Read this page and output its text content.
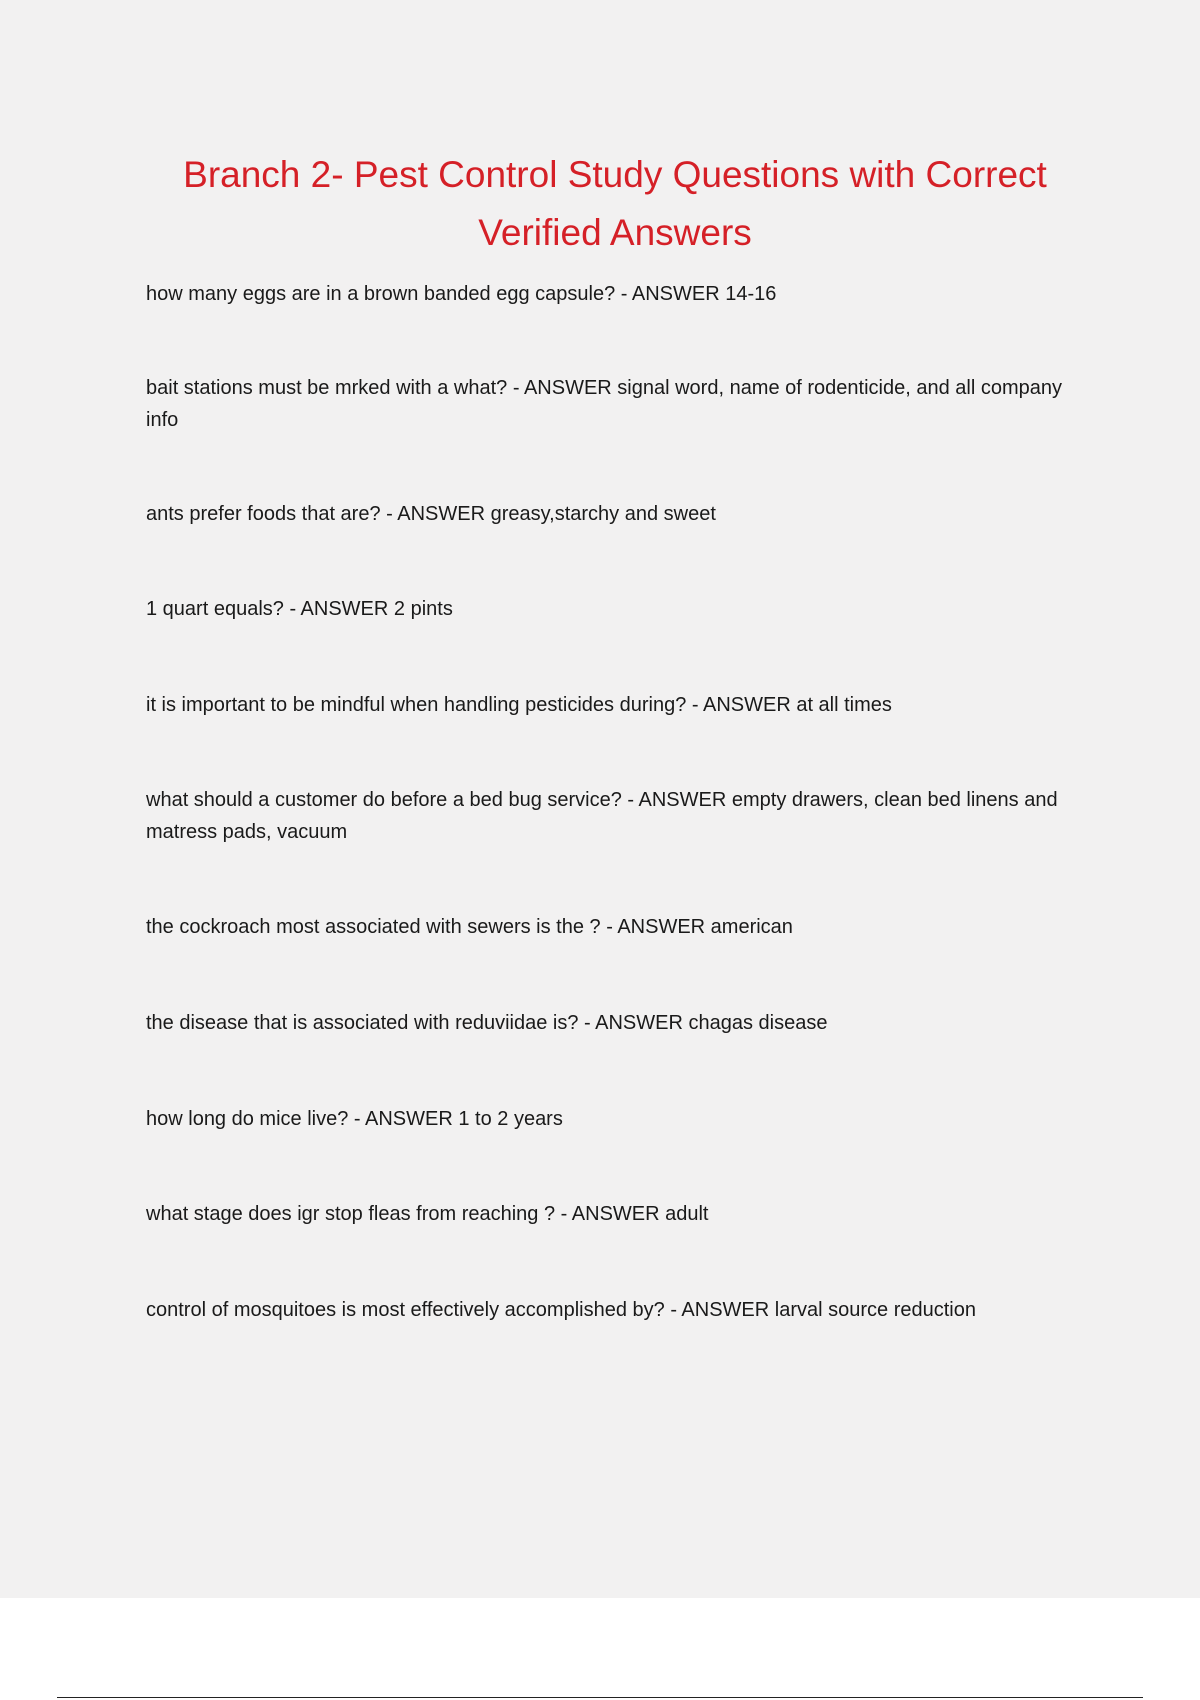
Branch 2- Pest Control Study Questions with Correct Verified Answers
how many eggs are in a brown banded egg capsule? - ANSWER 14-16
bait stations must be mrked with a what? - ANSWER signal word, name of rodenticide, and all company info
ants prefer foods that are? - ANSWER greasy,starchy and sweet
1 quart equals? - ANSWER 2 pints
it is important to be mindful when handling pesticides during? - ANSWER at all times
what should a customer do before a bed bug service? - ANSWER empty drawers, clean bed linens and matress pads, vacuum
the cockroach most associated with sewers is the ? - ANSWER american
the disease that is associated with reduviidae is? - ANSWER chagas disease
how long do mice live? - ANSWER 1 to 2 years
what stage does igr stop fleas from reaching ? - ANSWER adult
control of mosquitoes is most effectively accomplished by? - ANSWER larval source reduction
